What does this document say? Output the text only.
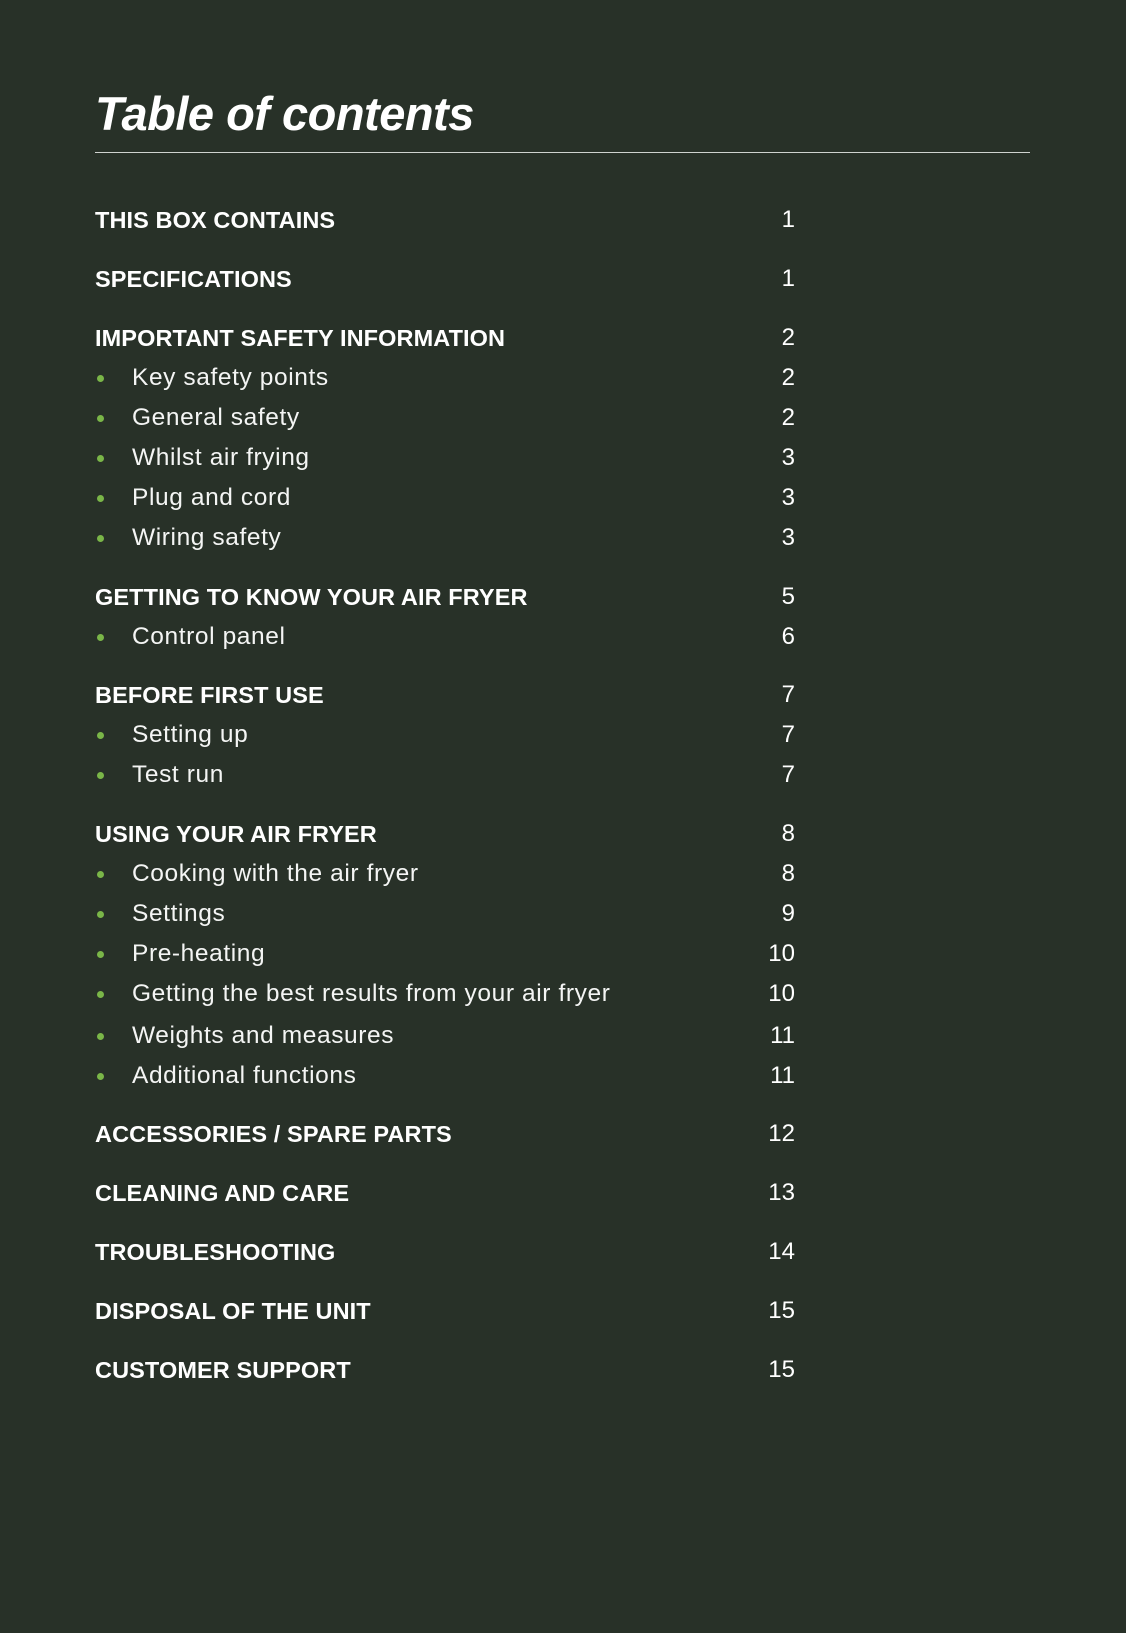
Table of contents
THIS BOX CONTAINS	1
SPECIFICATIONS	1
IMPORTANT SAFETY INFORMATION	2
Key safety points	2
General safety	2
Whilst air frying	3
Plug and cord	3
Wiring safety	3
GETTING TO KNOW YOUR AIR FRYER	5
Control panel	6
BEFORE FIRST USE	7
Setting up	7
Test run	7
USING YOUR AIR FRYER	8
Cooking with the air fryer	8
Settings	9
Pre-heating	10
Getting the best results from your air fryer	10
Weights and measures	11
Additional functions	11
ACCESSORIES / SPARE PARTS	12
CLEANING AND CARE	13
TROUBLESHOOTING	14
DISPOSAL OF THE UNIT	15
CUSTOMER SUPPORT	15
